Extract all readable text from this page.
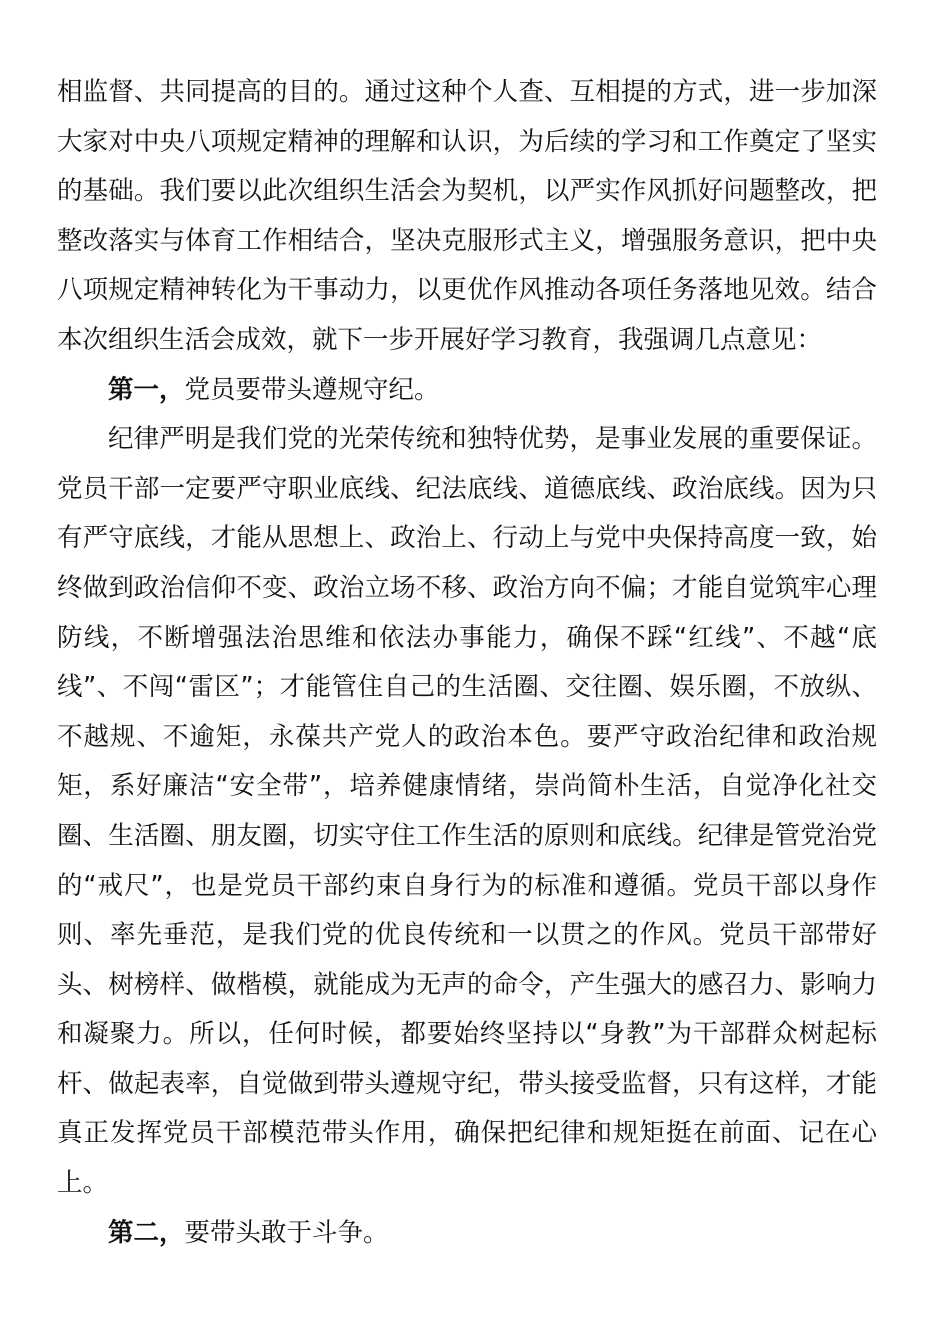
相监督、共同提高的目的。通过这种个人查、互相提的方式，进一步加深大家对中央八项规定精神的理解和认识，为后续的学习和工作奠定了坚实的基础。我们要以此次组织生活会为契机，以严实作风抓好问题整改，把整改落实与体育工作相结合，坚决克服形式主义，增强服务意识，把中央八项规定精神转化为干事动力，以更优作风推动各项任务落地见效。结合本次组织生活会成效，就下一步开展好学习教育，我强调几点意见：

第一，党员要带头遵规守纪。

纪律严明是我们党的光荣传统和独特优势，是事业发展的重要保证。党员干部一定要严守职业底线、纪法底线、道德底线、政治底线。因为只有严守底线，才能从思想上、政治上、行动上与党中央保持高度一致，始终做到政治信仰不变、政治立场不移、政治方向不偏；才能自觉筑牢心理防线，不断增强法治思维和依法办事能力，确保不踩“红线”、不越“底线”、不闯“雷区”；才能管住自己的生活圈、交往圈、娱乐圈，不放纵、不越规、不逾矩，永葆共产党人的政治本色。要严守政治纪律和政治规矩，系好廉洁“安全带”，培养健康情绪，崇尚简朴生活，自觉净化社交圈、生活圈、朋友圈，切实守住工作生活的原则和底线。纪律是管党治党的“戒尺”，也是党员干部约束自身行为的标准和遵循。党员干部以身作则、率先垂范，是我们党的优良传统和一以贯之的作风。党员干部带好头、树榜样、做楷模，就能成为无声的命令，产生强大的感召力、影响力和凝聚力。所以，任何时候，都要始终坚持以“身教”为干部群众树起标杆、做起表率，自觉做到带头遵规守纪，带头接受监督，只有这样，才能真正发挥党员干部模范带头作用，确保把纪律和规矩挺在前面、记在心上。

第二，要带头敢于斗争。
